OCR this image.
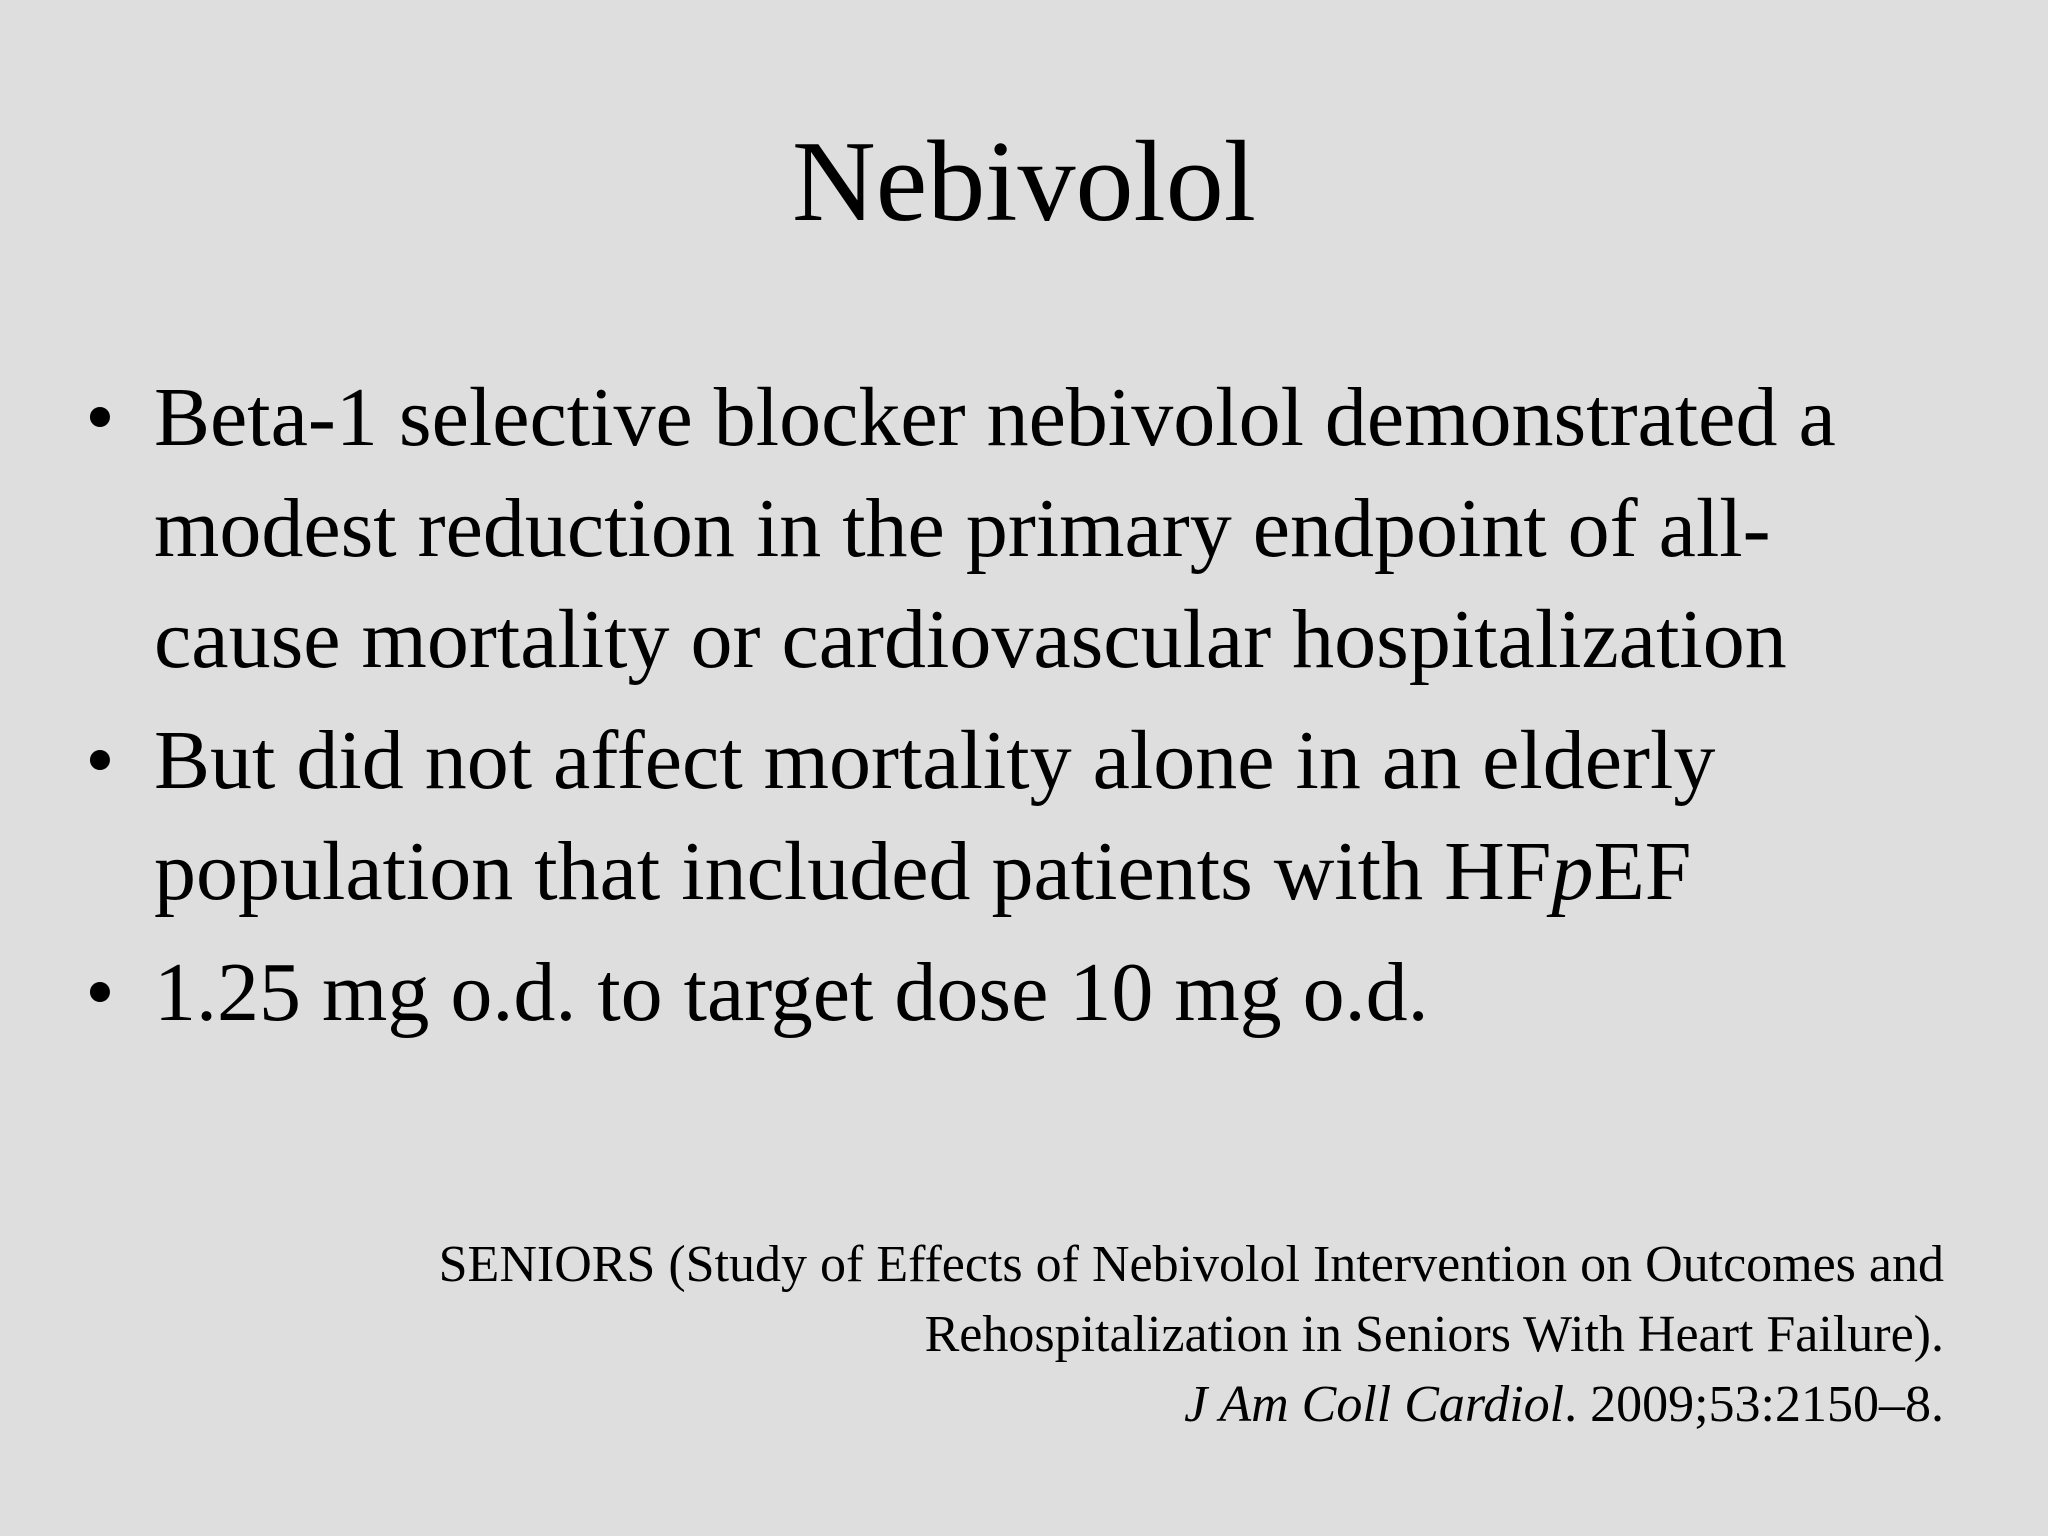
Nebivolol
• Beta-1 selective blocker nebivolol demonstrated a modest reduction in the primary endpoint of all-cause mortality or cardiovascular hospitalization
• But did not affect mortality alone in an elderly population that included patients with HFpEF
• 1.25 mg o.d. to target dose 10 mg o.d.
SENIORS (Study of Effects of Nebivolol Intervention on Outcomes and
Rehospitalization in Seniors With Heart Failure).
J Am Coll Cardiol. 2009;53:2150–8.
